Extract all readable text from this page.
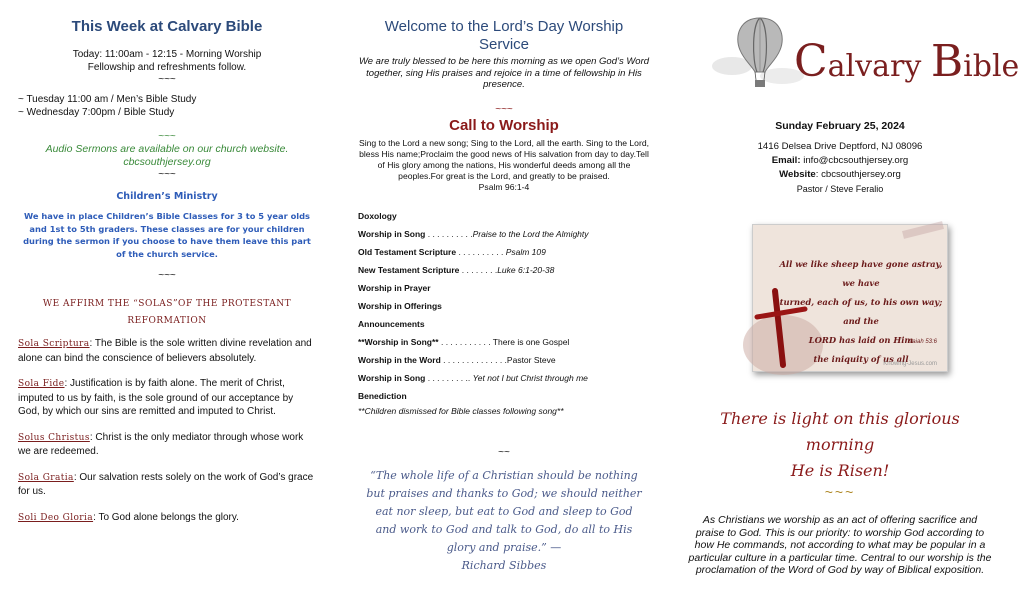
This Week at Calvary Bible
Today: 11:00am - 12:15 - Morning Worship
Fellowship and refreshments follow.
~~~
~ Tuesday 11:00 am / Men’s Bible Study
~ Wednesday 7:00pm / Bible Study
~~~
Audio Sermons are available on our church website.
cbcsouthjersey.org
~~~
Children’s Ministry
We have in place Children’s Bible Classes for 3 to 5 year olds and 1st to 5th graders. These classes are for your children during the sermon if you choose to have them leave this part of the church service.
~~~
WE AFFIRM THE “SOLAS”OF THE PROTESTANT
REFORMATION

Sola Scriptura: The Bible is the sole written divine revelation and alone can bind the conscience of believers absolutely.

Sola Fide: Justification is by faith alone. The merit of Christ, imputed to us by faith, is the sole ground of our acceptance by God, by which our sins are remitted and imputed to Christ.

Solus Christus: Christ is the only mediator through whose work we are redeemed.

Sola Gratia: Our salvation rests solely on the work of God’s grace for us.

Soli Deo Gloria: To God alone belongs the glory.

Welcome to the Lord’s Day Worship
Service
We are truly blessed to be here this morning as we open God’s Word together, sing His praises and rejoice in a time of fellowship in His presence.
~~~
Call to Worship
Sing to the Lord a new song; Sing to the Lord, all the earth. Sing to the Lord, bless His name;Proclaim the good news of His salvation from day to day.Tell of His glory among the nations, His wonderful deeds among all the peoples.For great is the Lord, and greatly to be praised.
Psalm 96:1-4
Doxology
Worship in Song . . . . . . . . . .Praise to the Lord the Almighty
Old Testament Scripture . . . . . . . . . . Psalm 109
New Testament Scripture . . . . . . . .Luke 6:1-20-38
Worship in Prayer
Worship in Offerings
Announcements
**Worship in Song** . . . . . . . . . . . There is one Gospel
Worship in the Word . . . . . . . . . . . . . .Pastor Steve
Worship in Song . . . . . . . . .. Yet not I but Christ through me
Benediction
**Children dismissed for Bible classes following song**
~~
“The whole life of a Christian should be nothing but praises and thanks to God; we should neither eat nor sleep, but eat to God and sleep to God and work to God and talk to God, do all to His glory and praise.” —
Richard Sibbes
Calvary Bible
Sunday February 25, 2024
1416 Delsea Drive Deptford, NJ 08096
Email: info@cbcsouthjersey.org
Website: cbcsouthjersey.org
Pastor / Steve Feralio
All we like sheep have gone astray, we have
turned, each of us, to his own way; and the
LORD has laid on Him
the iniquity of us all
Isaiah 53:6
Knowing-Jesus.com
There is light on this glorious morning
He is Risen!
~~~
As Christians we worship as an act of offering sacrifice and praise to God. This is our priority: to worship God according to how He commands, not according to what may be popular in a particular culture in a particular time. Central to our worship is the proclamation of the Word of God by way of Biblical exposition.
